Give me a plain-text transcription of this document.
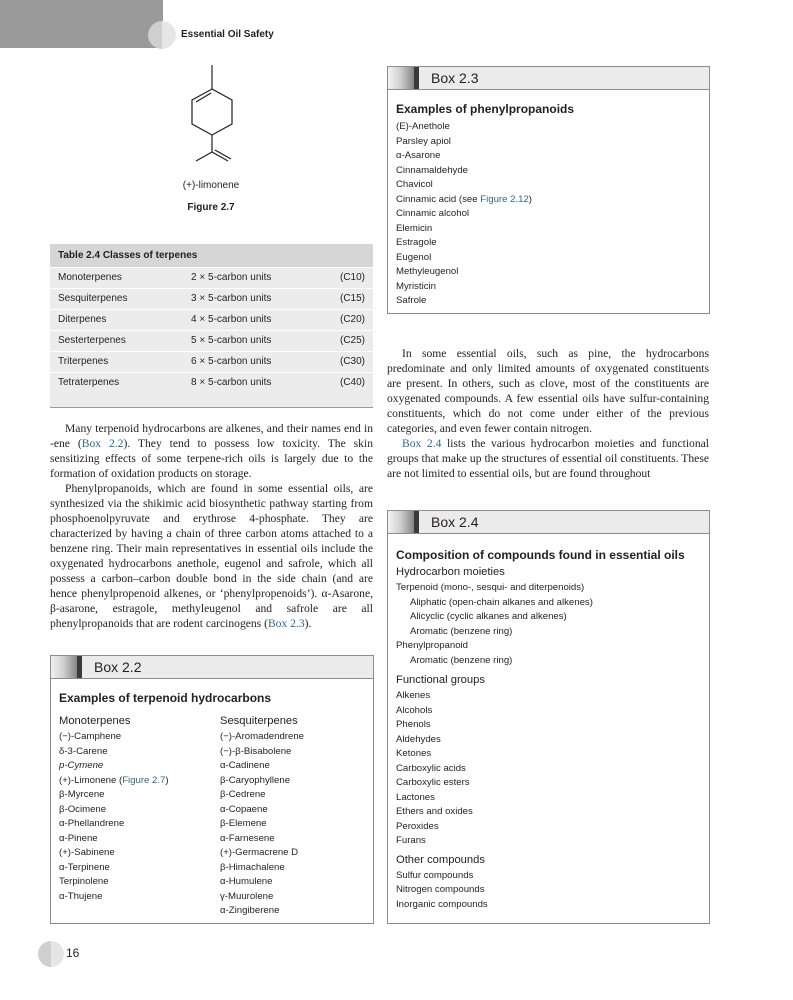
Essential Oil Safety
(+)-limonene
Figure 2.7
Table 2.4 Classes of terpenes		
Monoterpenes	2 × 5-carbon units	(C10)
Sesquiterpenes	3 × 5-carbon units	(C15)
Diterpenes	4 × 5-carbon units	(C20)
Sesterterpenes	5 × 5-carbon units	(C25)
Triterpenes	6 × 5-carbon units	(C30)
Tetraterpenes	8 × 5-carbon units	(C40)

Many terpenoid hydrocarbons are alkenes, and their names end in -ene (Box 2.2). They tend to possess low toxicity. The skin sensitizing effects of some terpene-rich oils is largely due to the formation of oxidation products on storage.

Phenylpropanoids, which are found in some essential oils, are synthesized via the shikimic acid biosynthetic pathway starting from phosphoenolpyruvate and erythrose 4-phosphate. They are characterized by having a chain of three carbon atoms attached to a benzene ring. Their main representatives in essential oils include the oxygenated hydrocarbons anethole, eugenol and safrole, which all possess a carbon–carbon double bond in the side chain (and are hence phenylpropenoid alkenes, or ‘phenylpropenoids’). α-Asarone, β-asarone, estragole, methyleugenol and safrole are all phenylpropanoids that are rodent carcinogens (Box 2.3).

In some essential oils, such as pine, the hydrocarbons predominate and only limited amounts of oxygenated constituents are present. In others, such as clove, most of the constituents are oxygenated compounds. A few essential oils have sulfur-containing constituents, which do not come under either of the previous categories, and even fewer contain nitrogen.

Box 2.4 lists the various hydrocarbon moieties and functional groups that make up the structures of essential oil constituents. These are not limited to essential oils, but are found throughout

Box 2.3
Examples of phenylpropanoids
(E)-Anethole
Parsley apiol
α-Asarone
Cinnamaldehyde
Chavicol
Cinnamic acid (see Figure 2.12)
Cinnamic alcohol
Elemicin
Estragole
Eugenol
Methyleugenol
Myristicin
Safrole
Box 2.4
Composition of compounds found in essential oils
Hydrocarbon moieties
Terpenoid (mono-, sesqui- and diterpenoids)
Aliphatic (open-chain alkanes and alkenes)
Alicyclic (cyclic alkanes and alkenes)
Aromatic (benzene ring)
Phenylpropanoid
Aromatic (benzene ring)
Functional groups
Alkenes
Alcohols
Phenols
Aldehydes
Ketones
Carboxylic acids
Carboxylic esters
Lactones
Ethers and oxides
Peroxides
Furans
Other compounds
Sulfur compounds
Nitrogen compounds
Inorganic compounds
Box 2.2
Examples of terpenoid hydrocarbons
Monoterpenes
(−)-Camphene
δ-3-Carene
p-Cymene
(+)-Limonene (Figure 2.7)
β-Myrcene
β-Ocimene
α-Phellandrene
α-Pinene
(+)-Sabinene
α-Terpinene
Terpinolene
α-Thujene
Sesquiterpenes
(−)-Aromadendrene
(−)-β-Bisabolene
α-Cadinene
β-Caryophyllene
β-Cedrene
α-Copaene
β-Elemene
α-Farnesene
(+)-Germacrene D
β-Himachalene
α-Humulene
γ-Muurolene
α-Zingiberene
16
